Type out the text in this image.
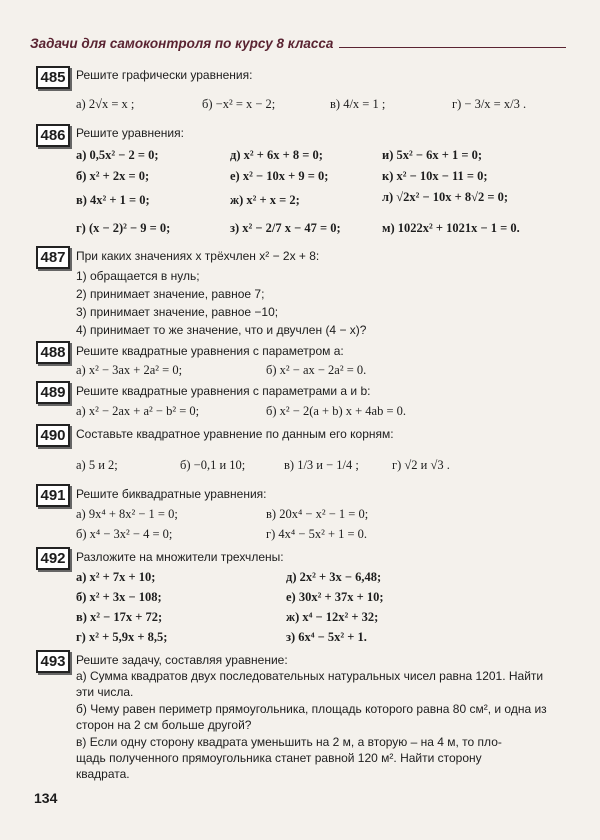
Задачи для самоконтроля по курсу 8 класса
485 Решите графически уравнения:
а) 2√x = x ;	б) −x² = x − 2;	в) 4/x = 1 ;	г) − 3/x = x/3 .
486 Решите уравнения:
а) 0,5x² − 2 = 0;	д) x² + 6x + 8 = 0;	и) 5x² − 6x + 1 = 0;
б) x² + 2x = 0;	е) x² − 10x + 9 = 0;	к) x² − 10x − 11 = 0;
в) 4x² + 1 = 0;	ж) x² + x = 2;	л) √2x² − 10x + 8√2 = 0;
г) (x − 2)² − 9 = 0;	з) x² − 2/7 x − 47 = 0;	м) 1022x² + 1021x − 1 = 0.
487 При каких значениях x трёхчлен x² − 2x + 8:
1) обращается в нуль;
2) принимает значение, равное 7;
3) принимает значение, равное −10;
4) принимает то же значение, что и двучлен (4 − x)?
488 Решите квадратные уравнения с параметром a:
а) x² − 3ax + 2a² = 0;	б) x² − ax − 2a² = 0.
489 Решите квадратные уравнения с параметрами a и b:
а) x² − 2ax + a² − b² = 0;	б) x² − 2(a + b) x + 4ab = 0.
490 Составьте квадратное уравнение по данным его корням:
а) 5 и 2;	б) −0,1 и 10;	в) 1/3 и − 1/4 ;	г) √2 и √3 .
491 Решите биквадратные уравнения:
а) 9x⁴ + 8x² − 1 = 0;	в) 20x⁴ − x² − 1 = 0;
б) x⁴ − 3x² − 4 = 0;	г) 4x⁴ − 5x² + 1 = 0.
492 Разложите на множители трехчлены:
а) x² + 7x + 10;	д) 2x² + 3x − 6,48;
б) x² + 3x − 108;	е) 30x² + 37x + 10;
в) x² − 17x + 72;	ж) x⁴ − 12x² + 32;
г) x² + 5,9x + 8,5;	з) 6x⁴ − 5x² + 1.
493 Решите задачу, составляя уравнение:
а) Сумма квадратов двух последовательных натуральных чисел равна 1201. Найти
эти числа.
б) Чему равен периметр прямоугольника, площадь которого равна 80 см², и одна из
сторон на 2 см больше другой?
в) Если одну сторону квадрата уменьшить на 2 м, а вторую – на 4 м, то пло-
щадь полученного прямоугольника станет равной 120 м². Найти сторону
квадрата.
134
